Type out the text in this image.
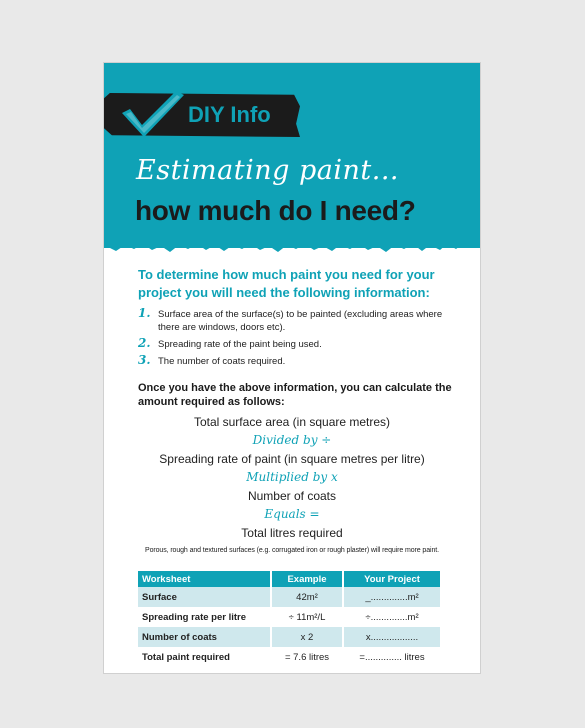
DIY Info
Estimating paint...
how much do I need?
To determine how much paint you need for your project you will need the following information:
1. Surface area of the surface(s) to be painted (excluding areas where there are windows, doors etc).
2. Spreading rate of the paint being used.
3. The number of coats required.
Once you have the above information, you can calculate the amount required as follows:
Total surface area (in square metres)
Divided by ÷
Spreading rate of paint (in square metres per litre)
Multiplied by x
Number of coats
Equals =
Total litres required
Porous, rough and textured surfaces (e.g. corrugated iron or rough plaster) will require more paint.
Worksheet	Example	Your Project
Surface	42m²	_..............m²
Spreading rate per litre	÷ 11m²/L	÷..............m²
Number of coats	x 2	x..................
Total paint required	= 7.6 litres	=.............. litres
